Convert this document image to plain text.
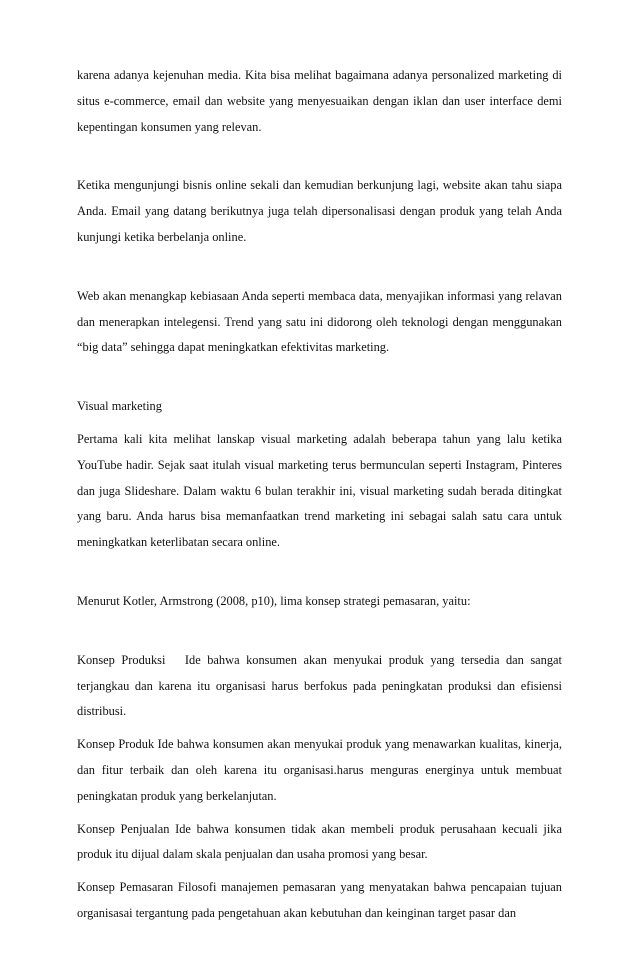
karena adanya kejenuhan media. Kita bisa melihat bagaimana adanya personalized marketing di situs e-commerce, email dan website yang menyesuaikan dengan iklan dan user interface demi kepentingan konsumen yang relevan.

Ketika mengunjungi bisnis online sekali dan kemudian berkunjung lagi, website akan tahu siapa Anda. Email yang datang berikutnya juga telah dipersonalisasi dengan produk yang telah Anda kunjungi ketika berbelanja online.

Web akan menangkap kebiasaan Anda seperti membaca data, menyajikan informasi yang relavan dan menerapkan intelegensi. Trend yang satu ini didorong oleh teknologi dengan menggunakan “big data” sehingga dapat meningkatkan efektivitas marketing.

Visual marketing

Pertama kali kita melihat lanskap visual marketing adalah beberapa tahun yang lalu ketika YouTube hadir. Sejak saat itulah visual marketing terus bermunculan seperti Instagram, Pinteres dan juga Slideshare. Dalam waktu 6 bulan terakhir ini, visual marketing sudah berada ditingkat yang baru. Anda harus bisa memanfaatkan trend marketing ini sebagai salah satu cara untuk meningkatkan keterlibatan secara online.

Menurut Kotler, Armstrong (2008, p10), lima konsep strategi pemasaran, yaitu:

Konsep Produksi   Ide bahwa konsumen akan menyukai produk yang tersedia dan sangat terjangkau dan karena itu organisasi harus berfokus pada peningkatan produksi dan efisiensi distribusi.

Konsep Produk Ide bahwa konsumen akan menyukai produk yang menawarkan kualitas, kinerja, dan fitur terbaik dan oleh karena itu organisasi.harus menguras energinya untuk membuat peningkatan produk yang berkelanjutan.

Konsep Penjualan Ide bahwa konsumen tidak akan membeli produk perusahaan kecuali jika produk itu dijual dalam skala penjualan dan usaha promosi yang besar.

Konsep Pemasaran Filosofi manajemen pemasaran yang menyatakan bahwa pencapaian tujuan organisasai tergantung pada pengetahuan akan kebutuhan dan keinginan target pasar dan
